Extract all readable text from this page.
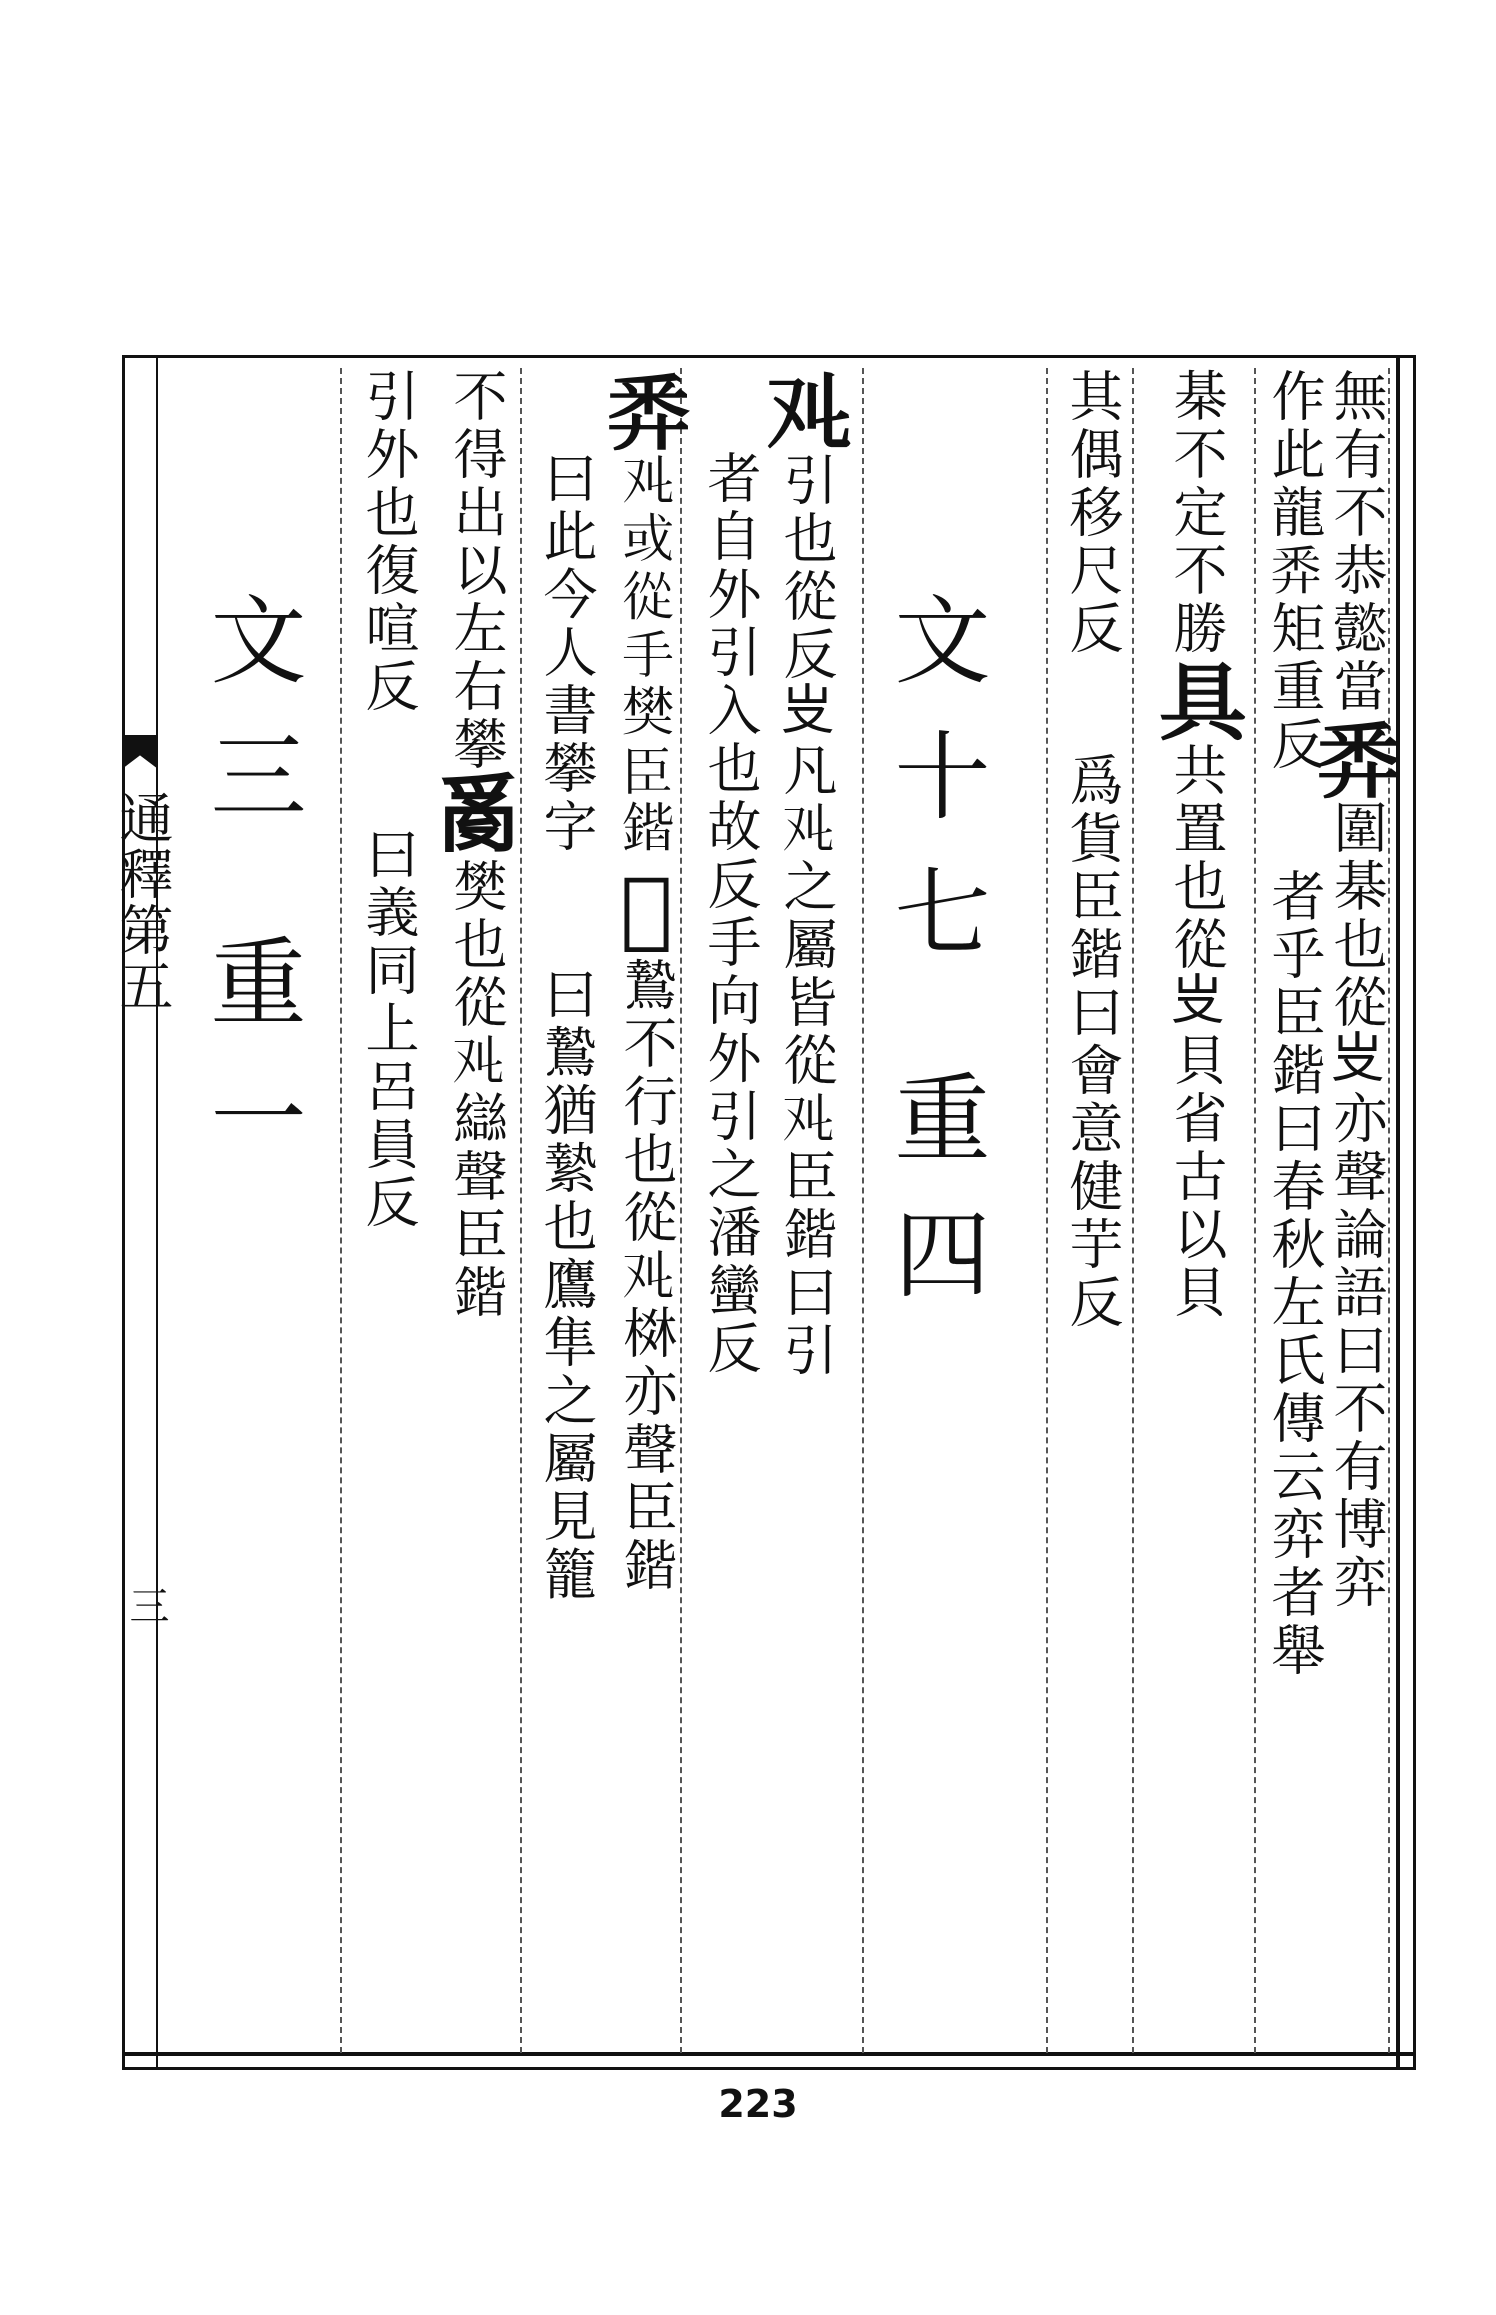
通釋第五
三
無有不恭懿當𢍏圍棊也從𠬢亦聲論語曰不有博弈
作此龍𢍏矩重反者乎臣鍇曰春秋左氏傳云弈者舉
棊不定不勝具共置也從𠬢貝省古以貝
其偶移尺反爲貨臣鍇曰會意健芋反
文十七重四
𠬜引也從反𠬢凡𠬜之屬皆從𠬜臣鍇曰引
者自外引入也故反手向外引之潘蠻反
𢍏𠬜或從手樊臣鍇𤕨鷙不行也從𠬜棥亦聲臣鍇
曰此今人書攀字曰鷙猶縶也鷹隼之屬見籠
不得出以左右攀𤔔樊也從𠬜䜌聲臣鍇
引外也復喧反曰義同上呂員反
文三重一
223
